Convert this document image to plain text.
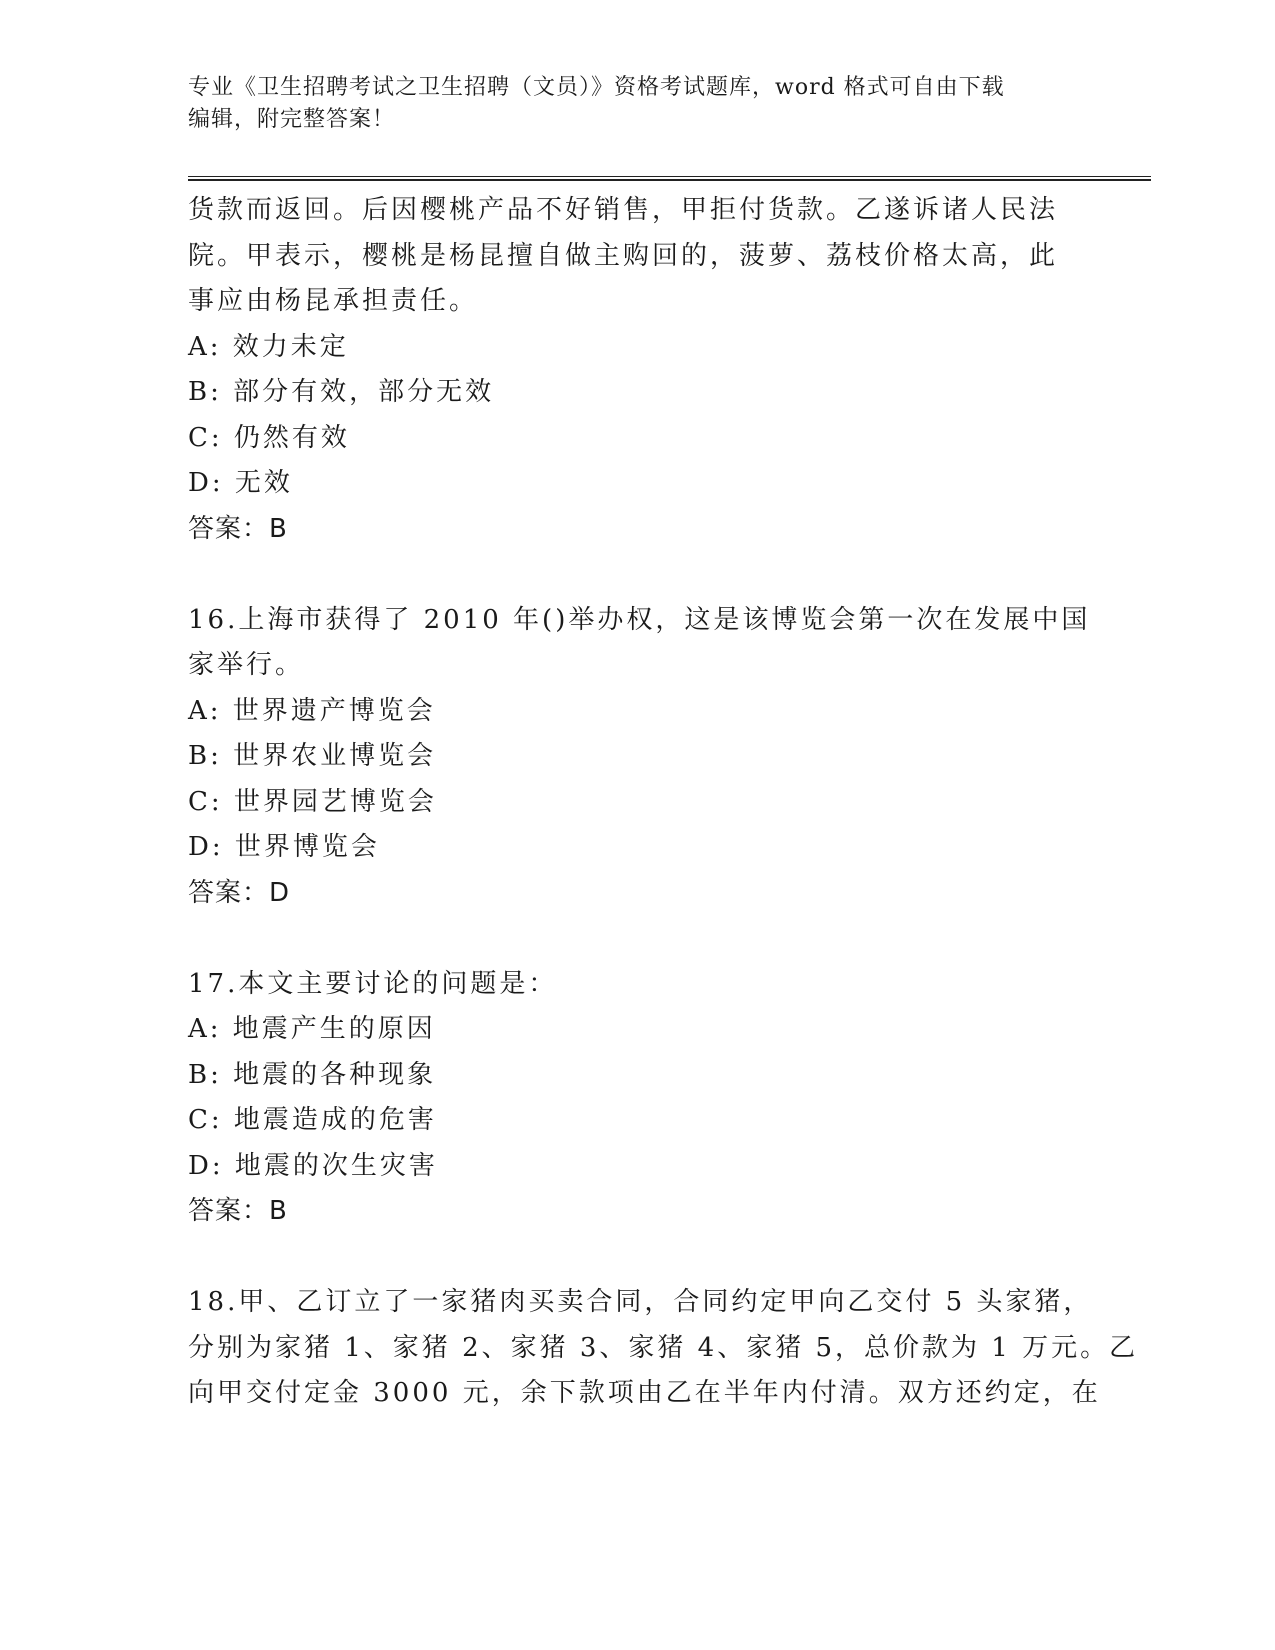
专业《卫生招聘考试之卫生招聘（文员）》资格考试题库，word 格式可自由下载
编辑，附完整答案！
货款而返回。后因樱桃产品不好销售，甲拒付货款。乙遂诉诸人民法
院。甲表示，樱桃是杨昆擅自做主购回的，菠萝、荔枝价格太高，此
事应由杨昆承担责任。
A: 效力未定
B: 部分有效，部分无效
C: 仍然有效
D: 无效
答案：B
16.上海市获得了 2010 年()举办权，这是该博览会第一次在发展中国
家举行。
A: 世界遗产博览会
B: 世界农业博览会
C: 世界园艺博览会
D: 世界博览会
答案：D
17.本文主要讨论的问题是：
A: 地震产生的原因
B: 地震的各种现象
C: 地震造成的危害
D: 地震的次生灾害
答案：B
18.甲、乙订立了一家猪肉买卖合同，合同约定甲向乙交付 5 头家猪，
分别为家猪 1、家猪 2、家猪 3、家猪 4、家猪 5，总价款为 1 万元。乙
向甲交付定金 3000 元，余下款项由乙在半年内付清。双方还约定，在
